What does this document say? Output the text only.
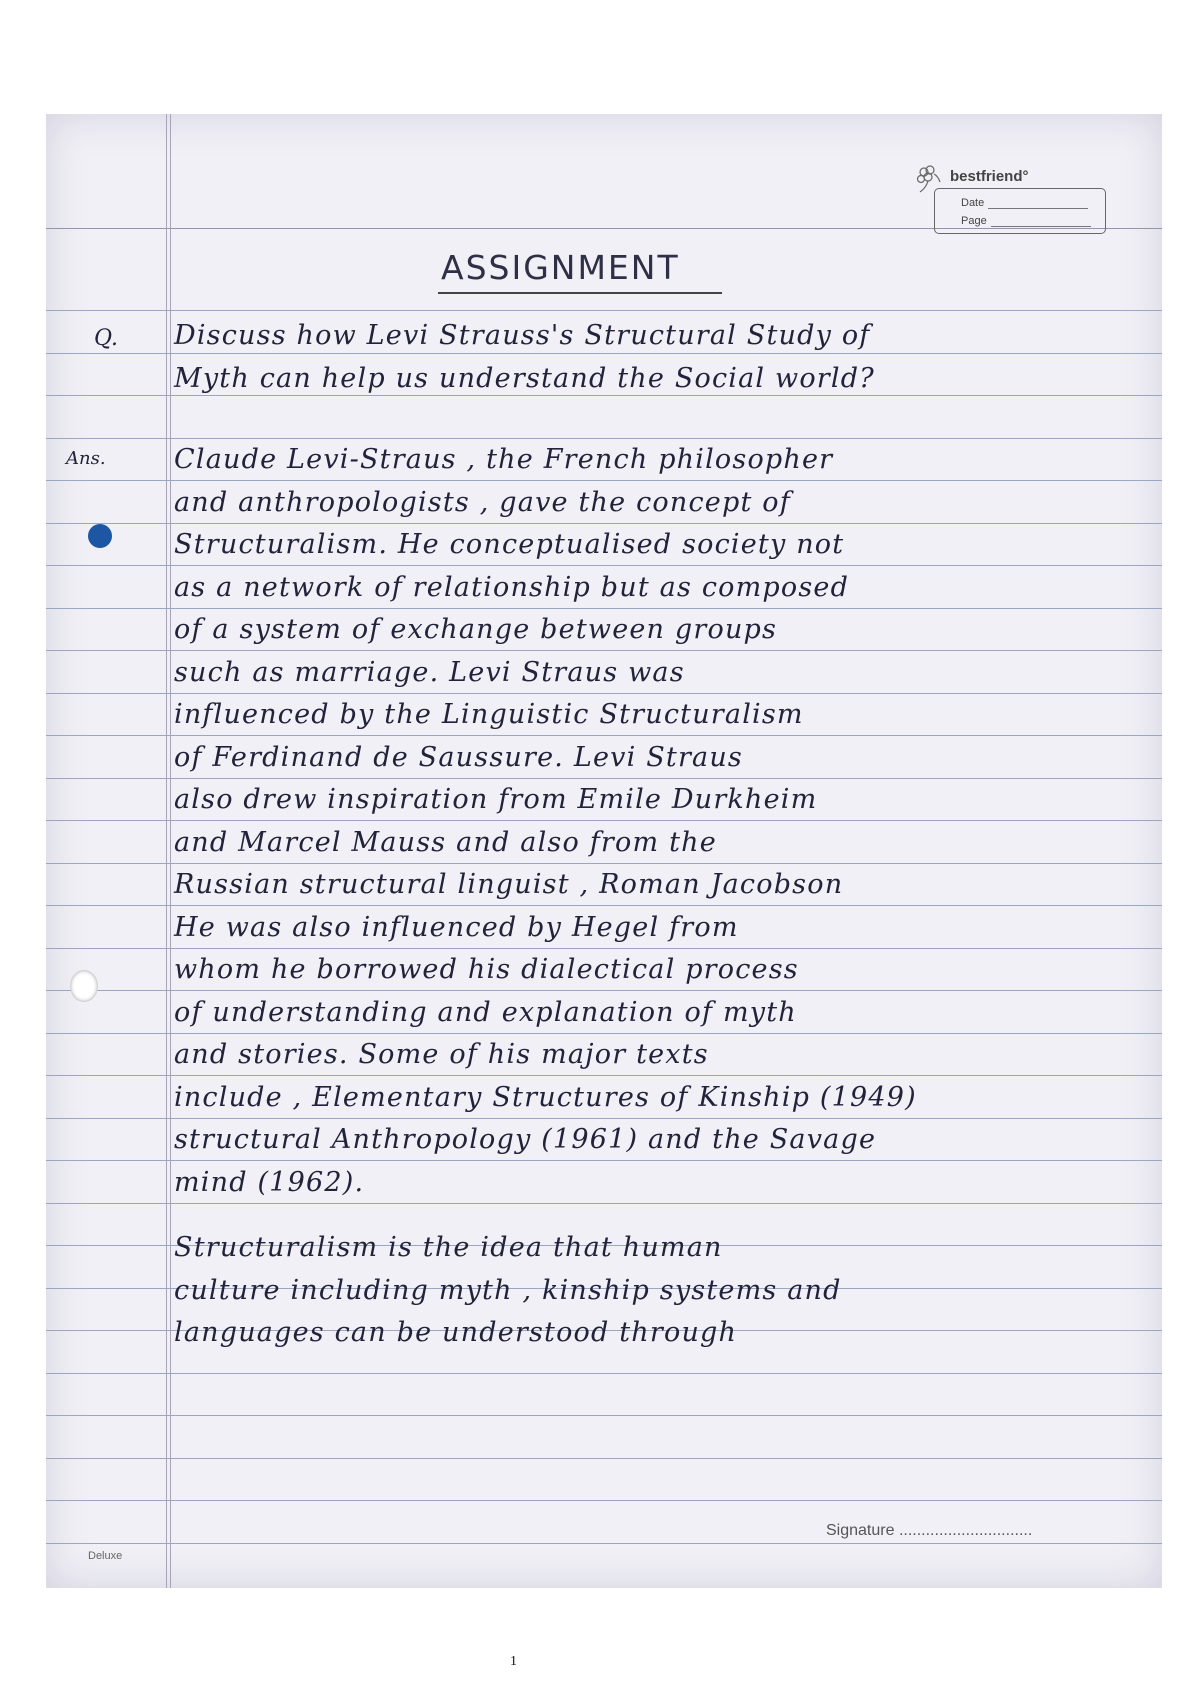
bestfriend°
Date
Page
ASSIGNMENT
Q. Discuss how Levi Strauss's Structural Study of
Myth can help us understand the Social world?
Ans.	Claude Levi-Straus , the French philosopher
and anthropologists , gave the concept of
Structuralism. He conceptualised society not
as a network of relationship but as composed
of a system of exchange between groups
such as marriage. Levi Straus was
influenced by the Linguistic Structuralism
of Ferdinand de Saussure. Levi Straus
also drew inspiration from Emile Durkheim
and Marcel Mauss and also from the
Russian structural linguist , Roman Jacobson
He was also influenced by Hegel from
whom he borrowed his dialectical process
of understanding and explanation of myth
and stories. Some of his major texts
include , Elementary Structures of Kinship (1949)
structural Anthropology (1961) and the Savage
mind (1962).
Structuralism is the idea that human
culture including myth , kinship systems and
languages can be understood through
Signature ..............................
Deluxe
1
